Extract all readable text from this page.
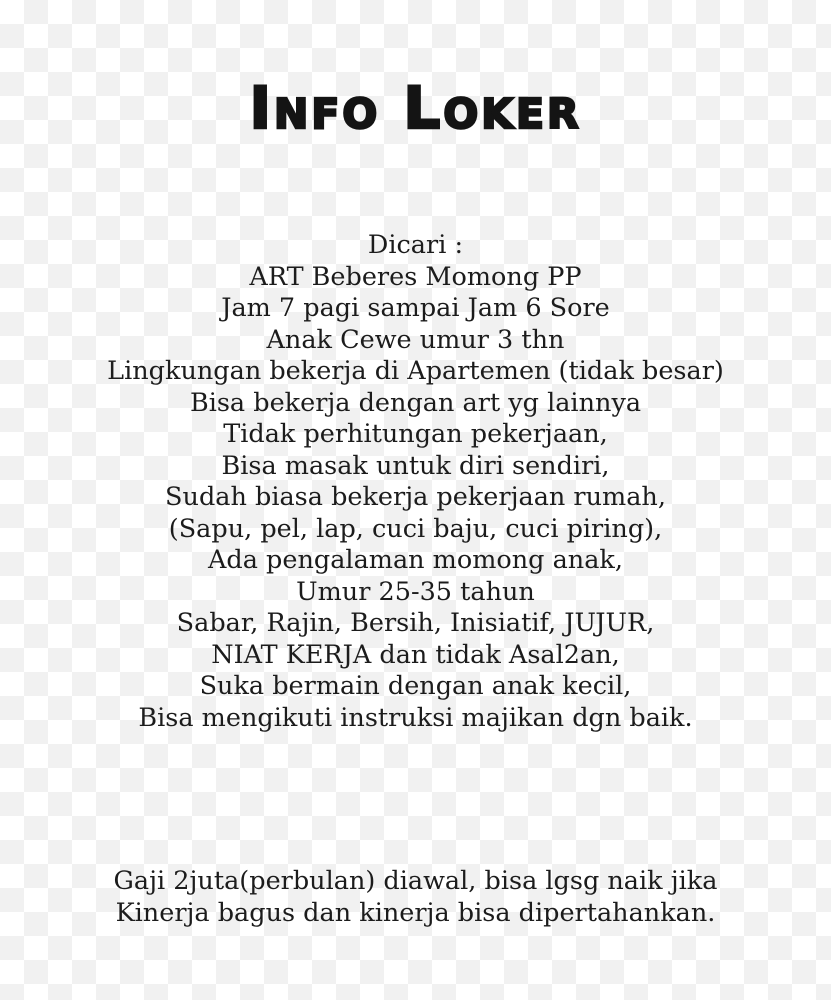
Info Loker
Dicari :
ART Beberes Momong PP
Jam 7 pagi sampai Jam 6 Sore
Anak Cewe umur 3 thn
Lingkungan bekerja di Apartemen (tidak besar)
Bisa bekerja dengan art yg lainnya
Tidak perhitungan pekerjaan,
Bisa masak untuk diri sendiri,
Sudah biasa bekerja pekerjaan rumah,
(Sapu, pel, lap, cuci baju, cuci piring),
Ada pengalaman momong anak,
Umur 25-35 tahun
Sabar, Rajin, Bersih, Inisiatif, JUJUR,
NIAT KERJA dan tidak Asal2an,
Suka bermain dengan anak kecil,
Bisa mengikuti instruksi majikan dgn baik.
Gaji 2juta(perbulan) diawal, bisa lgsg naik jika
Kinerja bagus dan kinerja bisa dipertahankan.
